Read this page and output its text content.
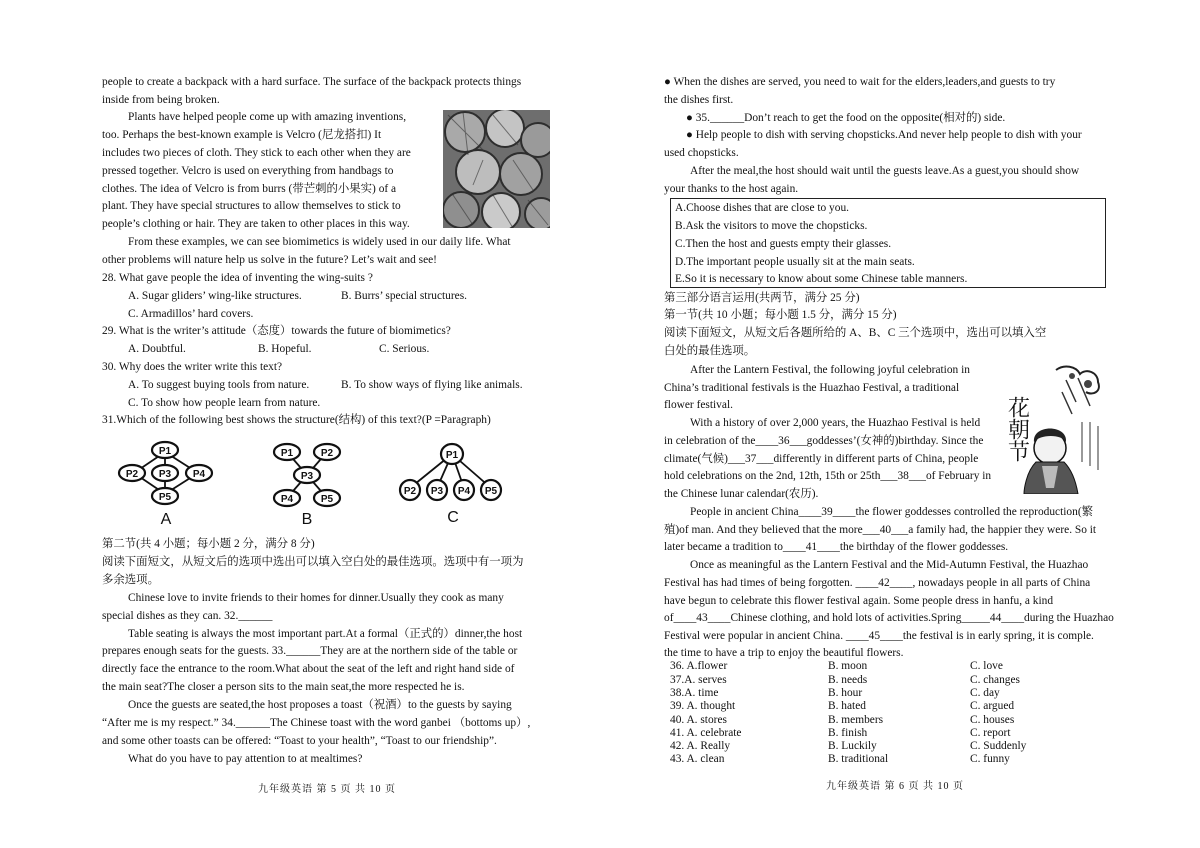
people to create a backpack with a hard surface. The surface of the backpack protects things
inside from being broken.
Plants have helped people come up with amazing inventions,
too. Perhaps the best-known example is Velcro (尼龙搭扣) It
includes two pieces of cloth. They stick to each other when they are
pressed together. Velcro is used on everything from handbags to
clothes. The idea of Velcro is from burrs (带芒刺的小果实) of a
plant. They have special structures to allow themselves to stick to
people’s clothing or hair. They are taken to other places in this way.
From these examples, we can see biomimetics is widely used in our daily life. What
other problems will nature help us solve in the future? Let’s wait and see!
28. What gave people the idea of inventing the wing-suits ?
A. Sugar gliders’ wing-like structures.	B. Burrs’ special structures.
C. Armadillos’ hard covers.
29. What is the writer’s attitude（态度）towards the future of biomimetics?
A. Doubtful.	B. Hopeful.	C. Serious.
30. Why does the writer write this text?
A. To suggest buying tools from nature.	B. To show ways of flying like animals.
C. To show how people learn from nature.
31.Which of the following best shows the structure(结构) of this text?(P =Paragraph)
P1
P2 P3 P4
P5
P1	P2
P3
P4	P5
P1
P2 P3 P4 P5
A	B	C
第二节(共 4 小题；每小题 2 分，满分 8 分)
阅读下面短文，从短文后的选项中选出可以填入空白处的最佳选项。选项中有一项为
多余选项。
Chinese love to invite friends to their homes for dinner.Usually they cook as many
special dishes as they can. 32.______
Table seating is always the most important part.At a formal（正式的）dinner,the host
prepares enough seats for the guests. 33.______They are at the northern side of the table or
directly face the entrance to the room.What about the seat of the left and right hand side of
the main seat?The closer a person sits to the main seat,the more respected he is.
Once the guests are seated,the host proposes a toast（祝酒）to the guests by saying
“After me is my respect.” 34.______The Chinese toast with the word ganbei （bottoms up）,
and some other toasts can be offered: “Toast to your health”, “Toast to our friendship”.
What do you have to pay attention to at mealtimes?
九年级英语 第 5 页 共 10 页
● When the dishes are served, you need to wait for the elders,leaders,and guests to try
the dishes first.
● 35.______Don’t reach to get the food on the opposite(相对的) side.
● Help people to dish with serving chopsticks.And never help people to dish with your
used chopsticks.
After the meal,the host should wait until the guests leave.As a guest,you should show
your thanks to the host again.
A.Choose dishes that are close to you.
B.Ask the visitors to move the chopsticks.
C.Then the host and guests empty their glasses.
D.The important people usually sit at the main seats.
E.So it is necessary to know about some Chinese table manners.
第三部分语言运用(共两节，满分 25 分)
第一节(共 10 小题；每小题 1.5 分，满分 15 分)
阅读下面短文，从短文后各题所给的 A、B、C 三个选项中，选出可以填入空
白处的最佳选项。
After the Lantern Festival, the following joyful celebration in
China’s traditional festivals is the Huazhao Festival, a traditional
flower festival.
With a history of over 2,000 years, the Huazhao Festival is held
in celebration of the____36___goddesses’(女神的)birthday. Since the
climate(气候)___37___differently in different parts of China, people
hold celebrations on the 2nd, 12th, 15th or 25th___38___of February in
the Chinese lunar calendar(农历).
People in ancient China____39____the flower goddesses controlled the reproduction(繁
殖)of man. And they believed that the more___40___a family had, the happier they were. So it
later became a tradition to____41____the birthday of the flower goddesses.
Once as meaningful as the Lantern Festival and the Mid-Autumn Festival, the Huazhao
Festival has had times of being forgotten. ____42____, nowadays people in all parts of China
have begun to celebrate this flower festival again. Some people dress in hanfu, a kind
of____43____Chinese clothing, and hold lots of activities.Spring_____44____during the Huazhao
Festival were popular in ancient China. ____45____the festival is in early spring, it is comple.
the time to have a trip to enjoy the beautiful flowers.
花朝节
36. A.flower	B. moon	C. love
37.A. serves	B. needs	C. changes
38.A. time	B. hour	C. day
39. A. thought	B. hated	C. argued
40. A. stores	B. members	C. houses
41. A. celebrate	B. finish	C. report
42. A. Really	B. Luckily	C. Suddenly
43. A. clean	B. traditional	C. funny
九年级英语 第 6 页 共 10 页
